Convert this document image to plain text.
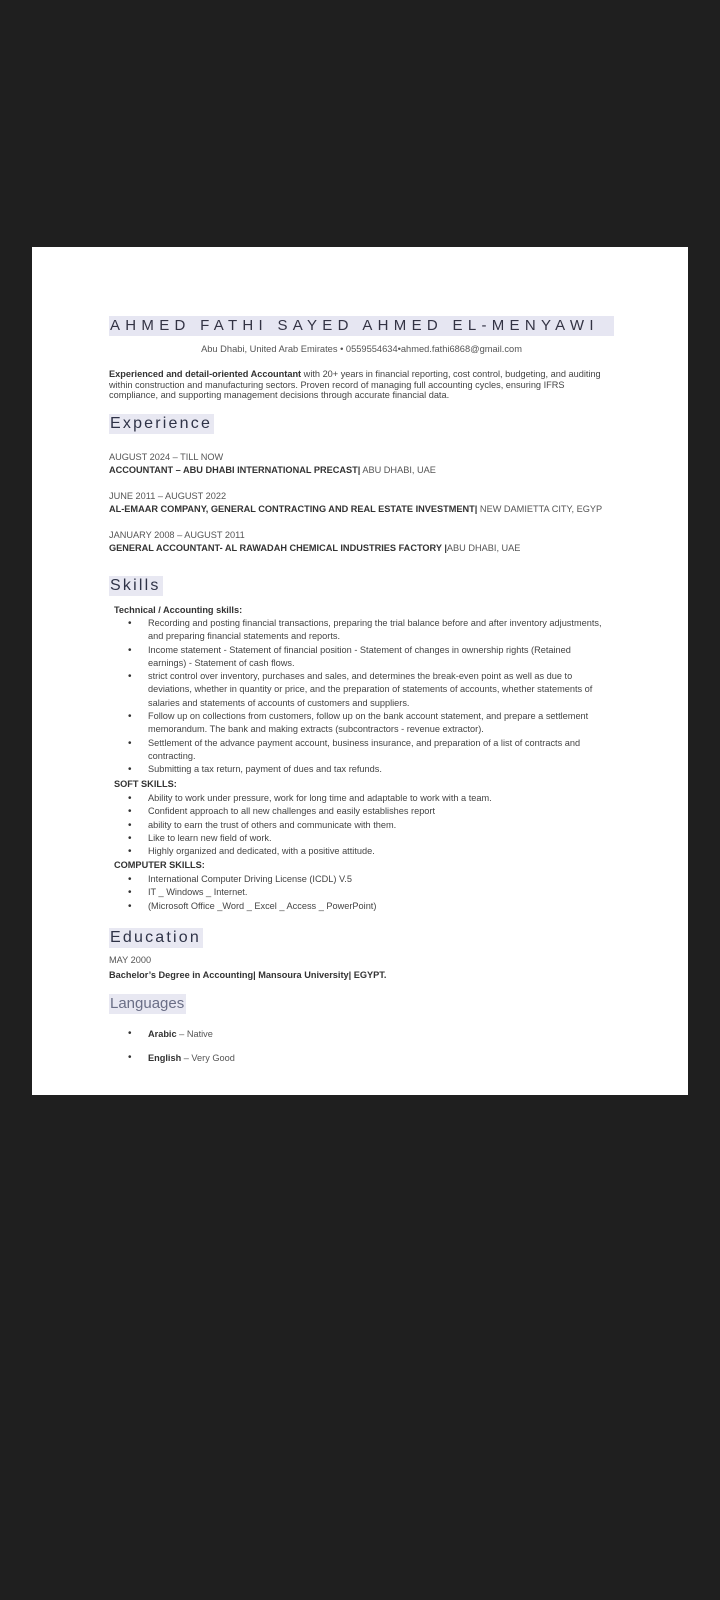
AHMED FATHI SAYED AHMED EL-MENYAWI
Abu Dhabi, United Arab Emirates • 0559554634•ahmed.fathi6868@gmail.com
Experienced and detail-oriented Accountant with 20+ years in financial reporting, cost control, budgeting, and auditing within construction and manufacturing sectors. Proven record of managing full accounting cycles, ensuring IFRS compliance, and supporting management decisions through accurate financial data.
Experience
AUGUST 2024 – TILL NOW
ACCOUNTANT – ABU DHABI INTERNATIONAL PRECAST| ABU DHABI, UAE
JUNE 2011 – AUGUST 2022
AL-EMAAR COMPANY, GENERAL CONTRACTING AND REAL ESTATE INVESTMENT| NEW DAMIETTA CITY, EGYP
JANUARY 2008 – AUGUST 2011
GENERAL ACCOUNTANT- AL RAWADAH CHEMICAL INDUSTRIES FACTORY |ABU DHABI, UAE
Skills
Technical / Accounting skills:
• Recording and posting financial transactions, preparing the trial balance before and after inventory adjustments, and preparing financial statements and reports.
• Income statement - Statement of financial position - Statement of changes in ownership rights (Retained earnings) - Statement of cash flows.
• strict control over inventory, purchases and sales, and determines the break-even point as well as due to deviations, whether in quantity or price, and the preparation of statements of accounts, whether statements of salaries and statements of accounts of customers and suppliers.
• Follow up on collections from customers, follow up on the bank account statement, and prepare a settlement memorandum. The bank and making extracts (subcontractors - revenue extractor).
• Settlement of the advance payment account, business insurance, and preparation of a list of contracts and contracting.
• Submitting a tax return, payment of dues and tax refunds.
SOFT SKILLS:
• Ability to work under pressure, work for long time and adaptable to work with a team.
• Confident approach to all new challenges and easily establishes report
• ability to earn the trust of others and communicate with them.
• Like to learn new field of work.
• Highly organized and dedicated, with a positive attitude.
COMPUTER SKILLS:
• International Computer Driving License (ICDL) V.5
• IT _ Windows _ Internet.
• (Microsoft Office _Word _ Excel _ Access _ PowerPoint)
Education
MAY 2000
Bachelor’s Degree in Accounting| Mansoura University| EGYPT.
Languages
• Arabic – Native
• English – Very Good
